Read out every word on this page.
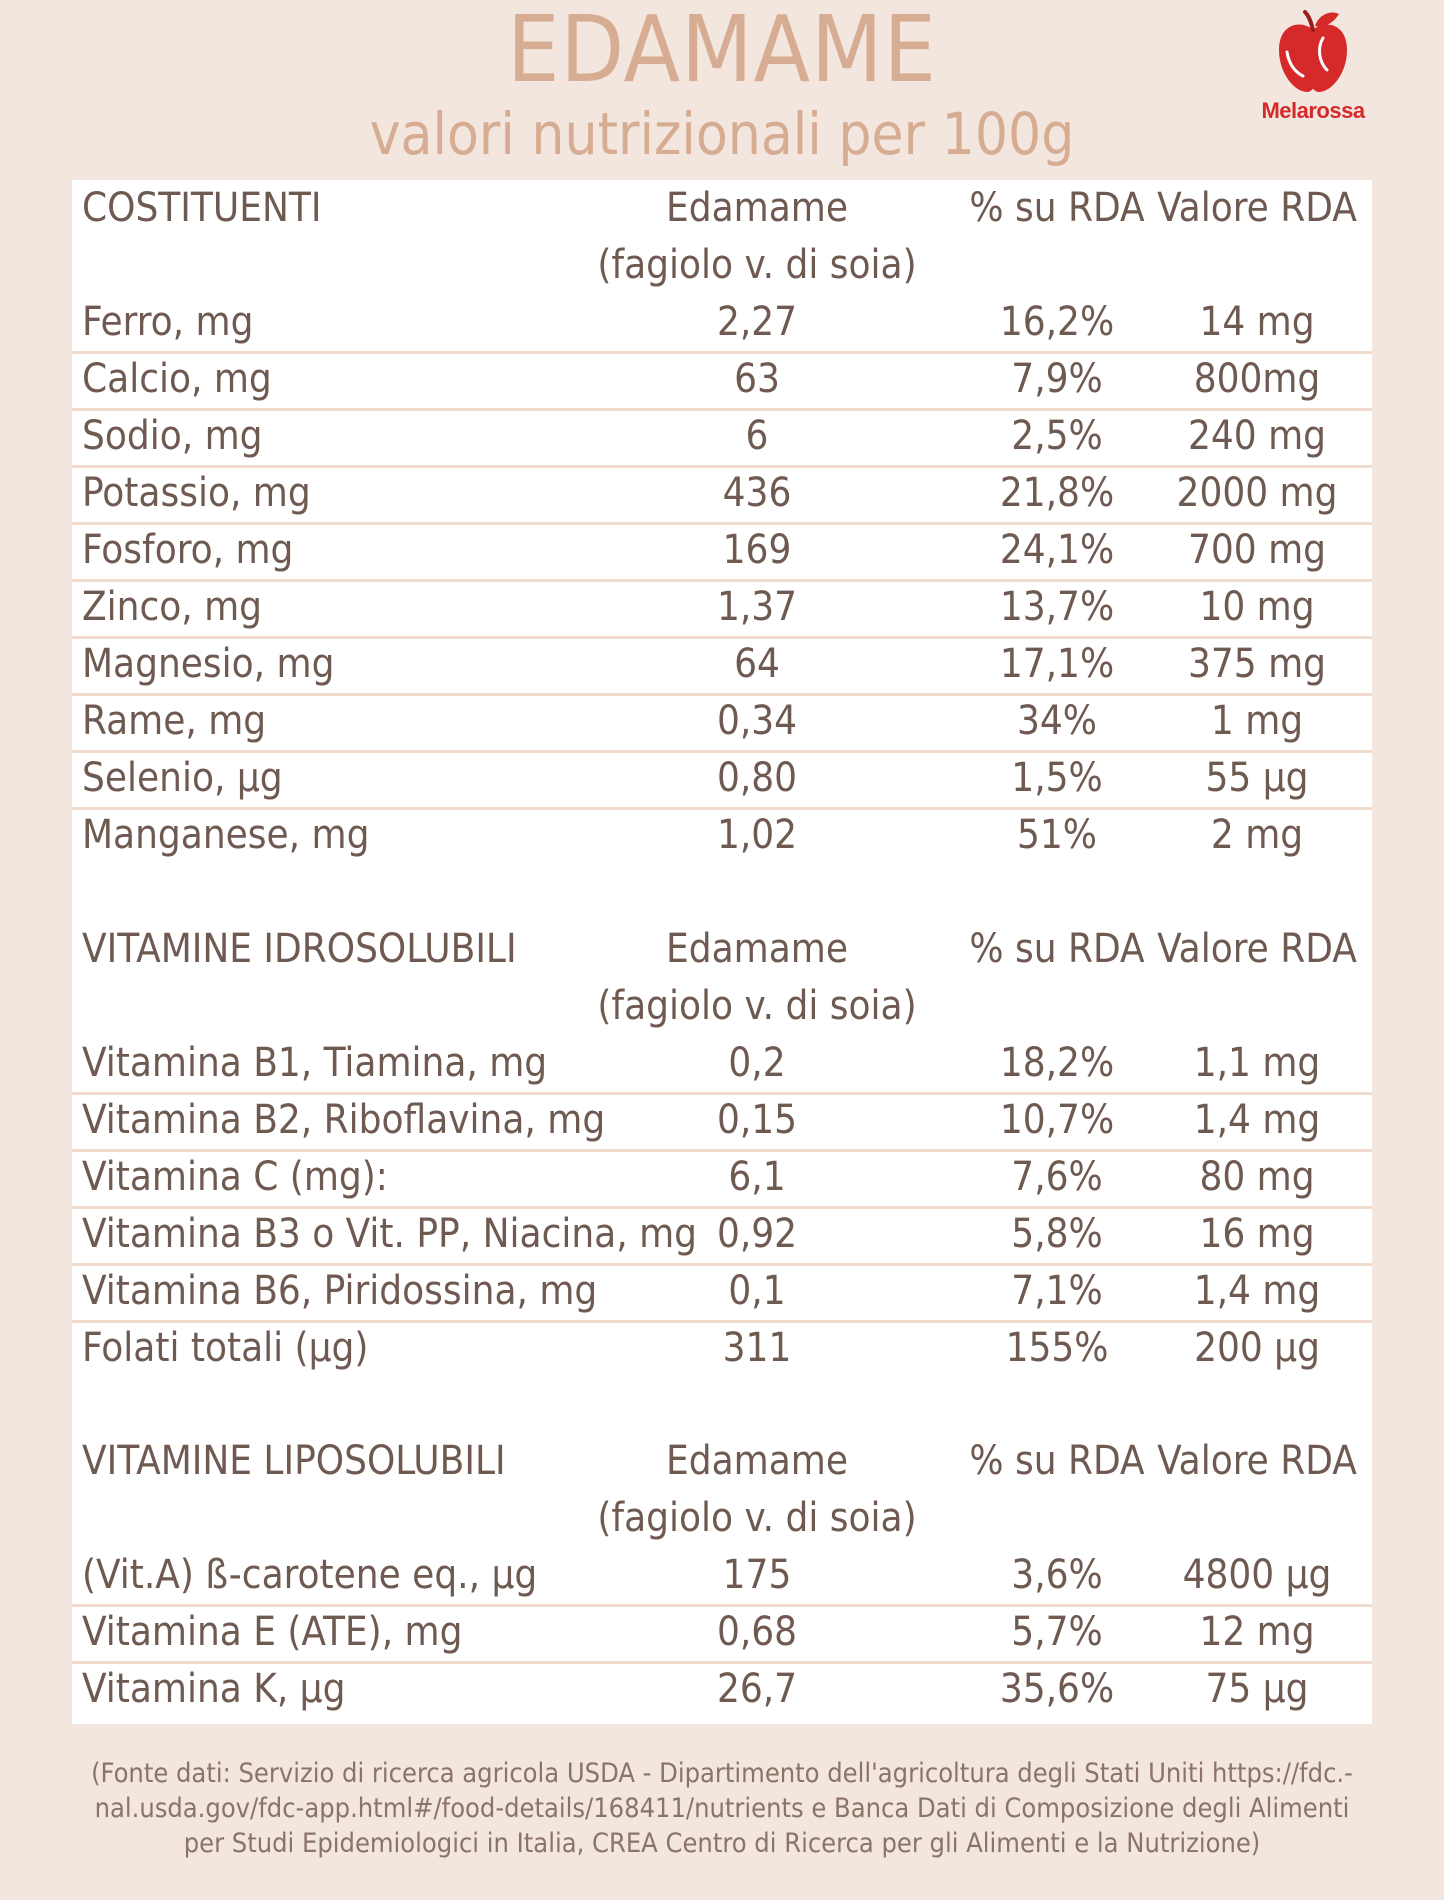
EDAMAME
valori nutrizionali per 100g	Melarossa
COSTITUENTI	Edamame	% su RDA Valore RDA
(fagiolo v. di soia)
Ferro, mg	2,27	16,2%	14 mg
Calcio, mg	63	7,9%	800mg
Sodio, mg	6	2,5%	240 mg
Potassio, mg	436	21,8%	2000 mg
Fosforo, mg	169	24,1%	700 mg
Zinco, mg	1,37	13,7%	10 mg
Magnesio, mg	64	17,1%	375 mg
Rame, mg	0,34	34%	1 mg
Selenio, µg	0,80	1,5%	55 µg
Manganese, mg	1,02	51%	2 mg
VITAMINE IDROSOLUBILI	Edamame	% su RDA Valore RDA
(fagiolo v. di soia)
Vitamina B1, Tiamina, mg	0,2	18,2%	1,1 mg
Vitamina B2, Riboflavina, mg	0,15	10,7%	1,4 mg
Vitamina C (mg):	6,1	7,6%	80 mg
Vitamina B3 o Vit. PP, Niacina, mg 0,92	5,8%	16 mg
Vitamina B6, Piridossina, mg	0,1	7,1%	1,4 mg
Folati totali (µg)	311	155%	200 µg
VITAMINE LIPOSOLUBILI	Edamame	% su RDA Valore RDA
(fagiolo v. di soia)
(Vit.A) ß-carotene eq., µg	175	3,6%	4800 µg
Vitamina E (ATE), mg	0,68	5,7%	12 mg
Vitamina K, µg	26,7	35,6%	75 µg
(Fonte dati: Servizio di ricerca agricola USDA - Dipartimento dell'agricoltura degli Stati Uniti https://fdc.-
nal.usda.gov/fdc-app.html#/food-details/168411/nutrients e Banca Dati di Composizione degli Alimenti
per Studi Epidemiologici in Italia, CREA Centro di Ricerca per gli Alimenti e la Nutrizione)
